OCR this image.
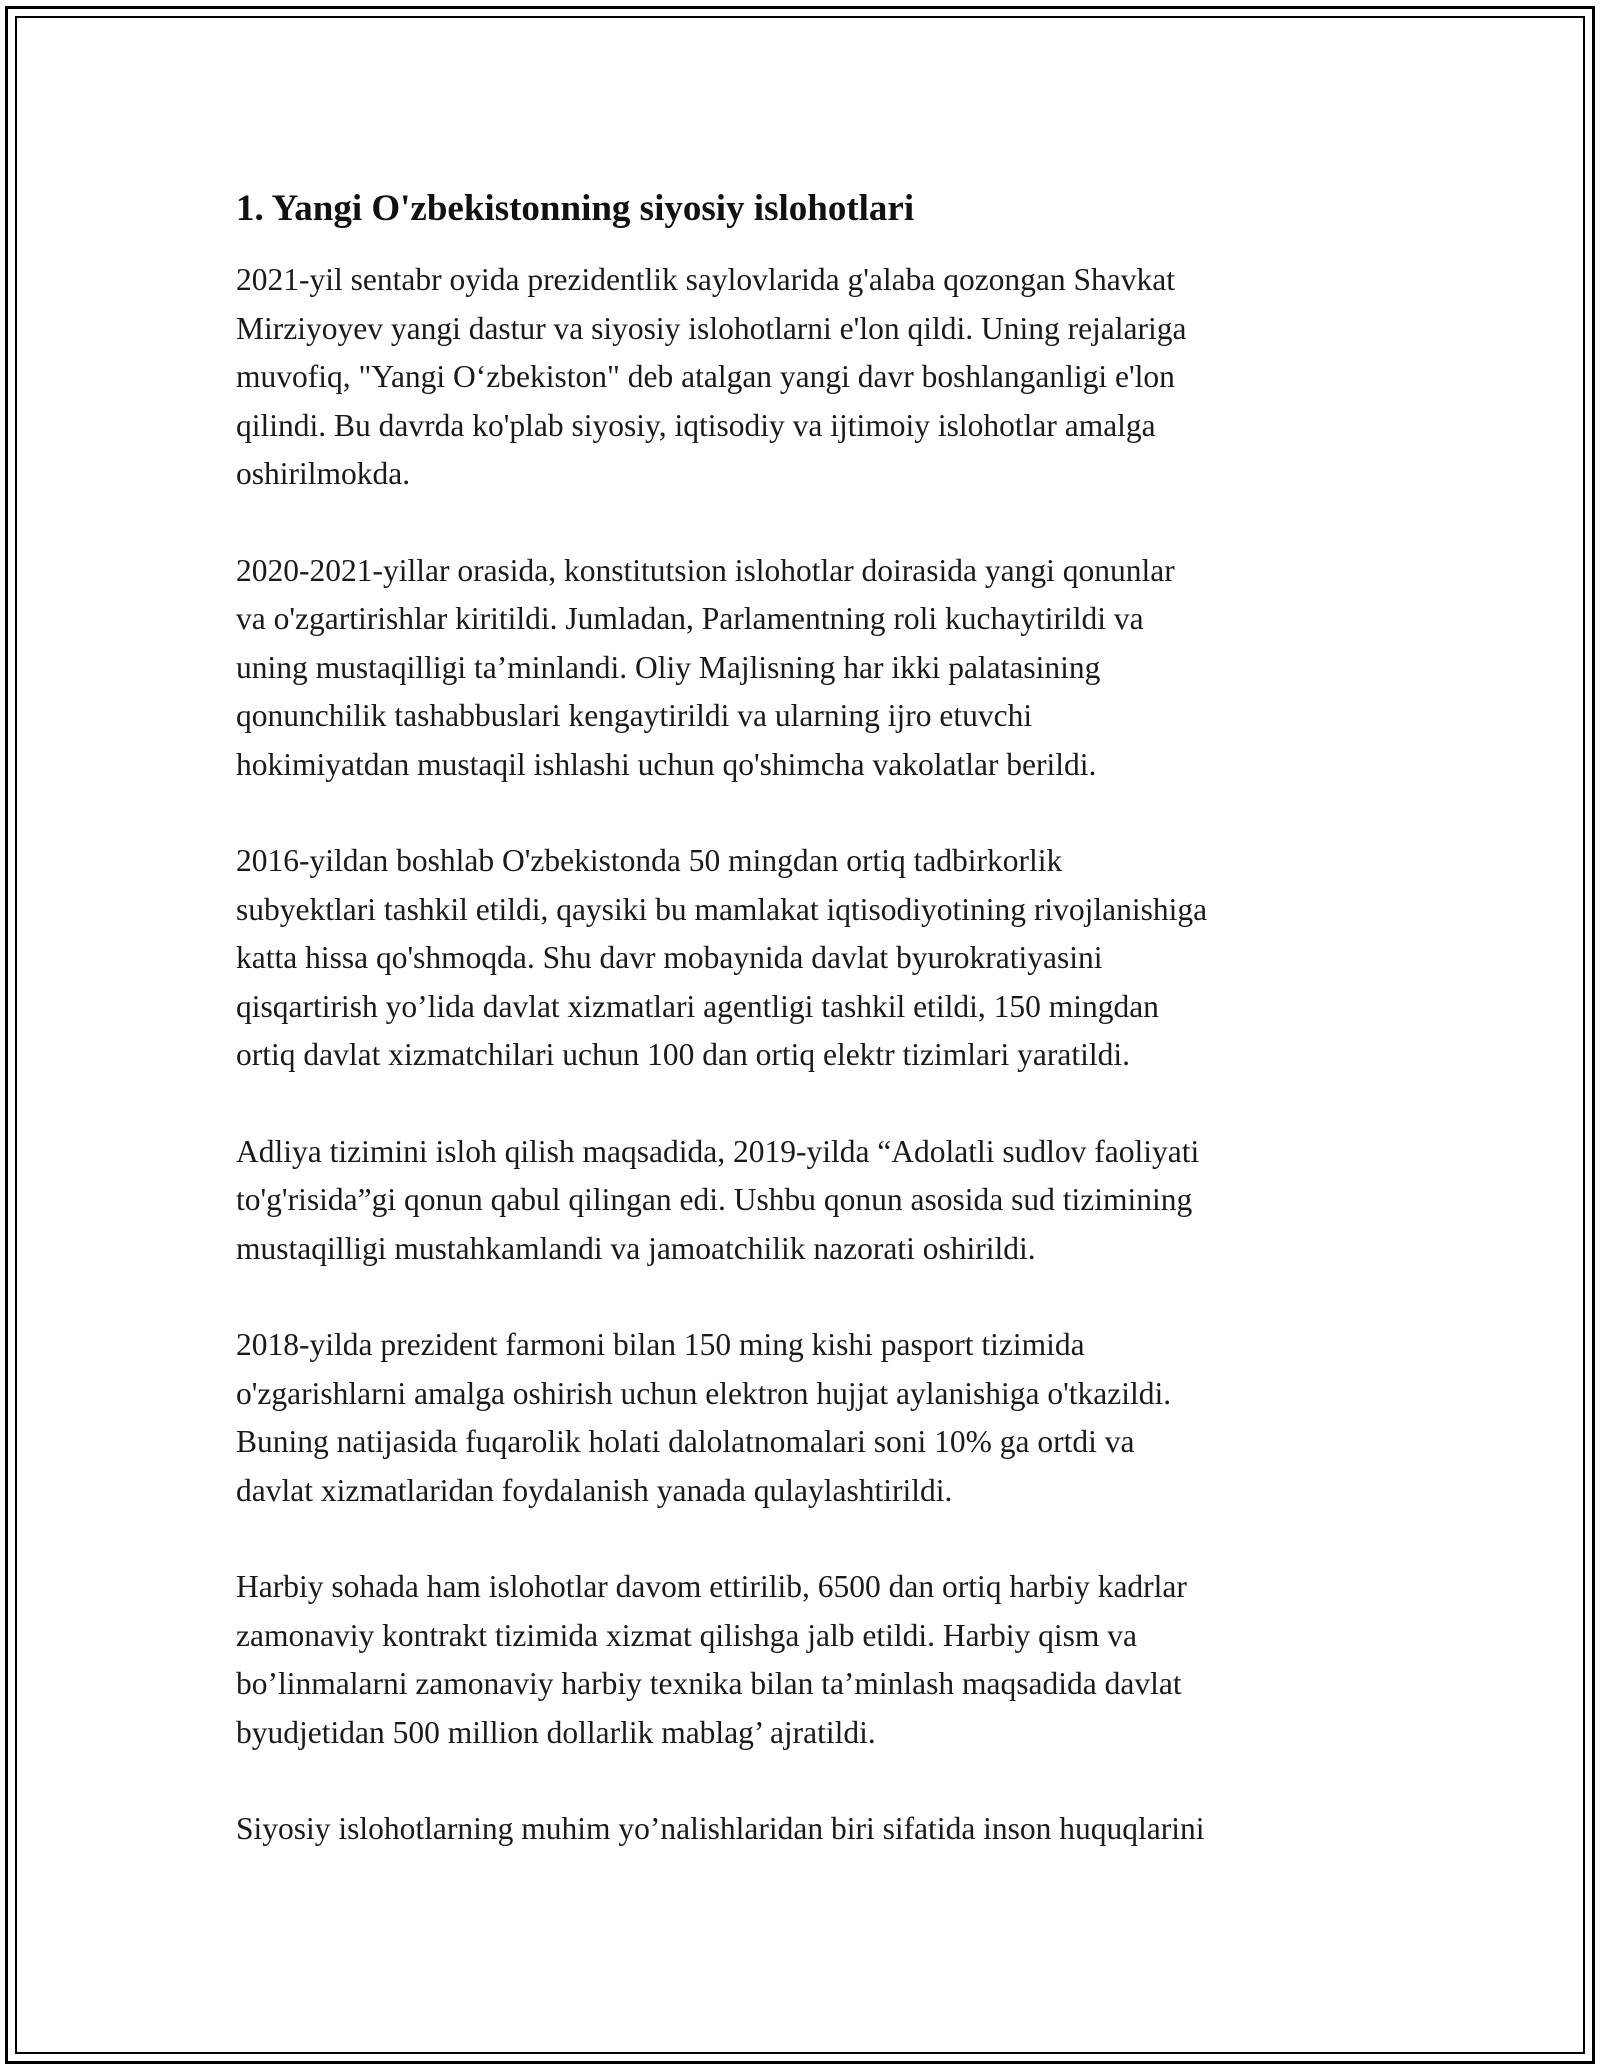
1. Yangi O'zbekistonning siyosiy islohotlari

2021-yil sentabr oyida prezidentlik saylovlarida g'alaba qozongan Shavkat
Mirziyoyev yangi dastur va siyosiy islohotlarni e'lon qildi. Uning rejalariga
muvofiq, "Yangi O‘zbekiston" deb atalgan yangi davr boshlanganligi e'lon
qilindi. Bu davrda ko'plab siyosiy, iqtisodiy va ijtimoiy islohotlar amalga
oshirilmokda.

2020-2021-yillar orasida, konstitutsion islohotlar doirasida yangi qonunlar
va o'zgartirishlar kiritildi. Jumladan, Parlamentning roli kuchaytirildi va
uning mustaqilligi ta’minlandi. Oliy Majlisning har ikki palatasining
qonunchilik tashabbuslari kengaytirildi va ularning ijro etuvchi
hokimiyatdan mustaqil ishlashi uchun qo'shimcha vakolatlar berildi.

2016-yildan boshlab O'zbekistonda 50 mingdan ortiq tadbirkorlik
subyektlari tashkil etildi, qaysiki bu mamlakat iqtisodiyotining rivojlanishiga
katta hissa qo'shmoqda. Shu davr mobaynida davlat byurokratiyasini
qisqartirish yo’lida davlat xizmatlari agentligi tashkil etildi, 150 mingdan
ortiq davlat xizmatchilari uchun 100 dan ortiq elektr tizimlari yaratildi.

Adliya tizimini isloh qilish maqsadida, 2019-yilda “Adolatli sudlov faoliyati
to'g'risida”gi qonun qabul qilingan edi. Ushbu qonun asosida sud tizimining
mustaqilligi mustahkamlandi va jamoatchilik nazorati oshirildi.

2018-yilda prezident farmoni bilan 150 ming kishi pasport tizimida
o'zgarishlarni amalga oshirish uchun elektron hujjat aylanishiga o'tkazildi.
Buning natijasida fuqarolik holati dalolatnomalari soni 10% ga ortdi va
davlat xizmatlaridan foydalanish yanada qulaylashtirildi.

Harbiy sohada ham islohotlar davom ettirilib, 6500 dan ortiq harbiy kadrlar
zamonaviy kontrakt tizimida xizmat qilishga jalb etildi. Harbiy qism va
bo’linmalarni zamonaviy harbiy texnika bilan ta’minlash maqsadida davlat
byudjetidan 500 million dollarlik mablag’ ajratildi.

Siyosiy islohotlarning muhim yo’nalishlaridan biri sifatida inson huquqlarini
